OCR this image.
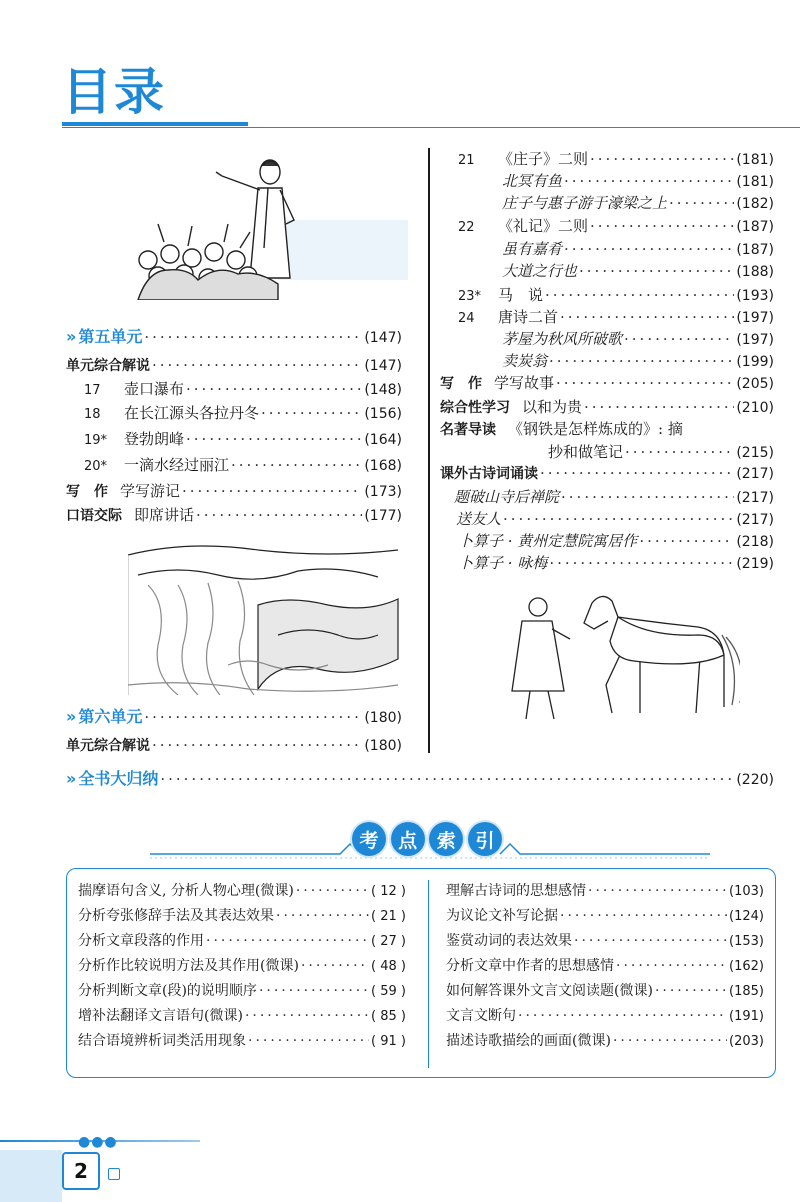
目录
» 第五单元 ·····	(147)
单元综合解说 ·····	(147)
17 壶口瀑布 ·····	(148)
18 在长江源头各拉丹冬 ·····	(156)
19* 登勃朗峰 ·····	(164)
20* 一滴水经过丽江 ·····	(168)
写　作 学写游记 ·····	(173)
口语交际 即席讲话 ·····	(177)
» 第六单元 ·····	(180)
单元综合解说 ·····	(180)
21 《庄子》二则 ·····	(181)
北冥有鱼 ·····	(181)
庄子与惠子游于濠梁之上 ·····	(182)
22 《礼记》二则 ·····	(187)
虽有嘉肴 ·····	(187)
大道之行也 ·····	(188)
23* 马　说 ·····	(193)
24 唐诗二首 ·····	(197)
茅屋为秋风所破歌 ·····	(197)
卖炭翁 ·····	(199)
写　作 学写故事 ·····	(205)
综合性学习 以和为贵 ·····	(210)
名著导读 《钢铁是怎样炼成的》: 摘
抄和做笔记 ·····	(215)
课外古诗词诵读 ·····	(217)
题破山寺后禅院 ·····	(217)
送友人 ·····	(217)
卜算子 · 黄州定慧院寓居作 ·····	(218)
卜算子 · 咏梅 ·····	(219)
» 全书大归纳 ·····	(220)
考	点	索	引
揣摩语句含义, 分析人物心理(微课) ·····	( 12 )
分析夸张修辞手法及其表达效果 ·····	( 21 )
分析文章段落的作用 ·····	( 27 )
分析作比较说明方法及其作用(微课) ·····	( 48 )
分析判断文章(段)的说明顺序 ·····	( 59 )
增补法翻译文言语句(微课) ·····	( 85 )
结合语境辨析词类活用现象 ·····	( 91 )
理解古诗词的思想感情 ·····	(103)
为议论文补写论据 ·····	(124)
鉴赏动词的表达效果 ·····	(153)
分析文章中作者的思想感情 ·····	(162)
如何解答课外文言文阅读题(微课) ·····	(185)
文言文断句 ·····	(191)
描述诗歌描绘的画面(微课) ·····	(203)
●●●
2
